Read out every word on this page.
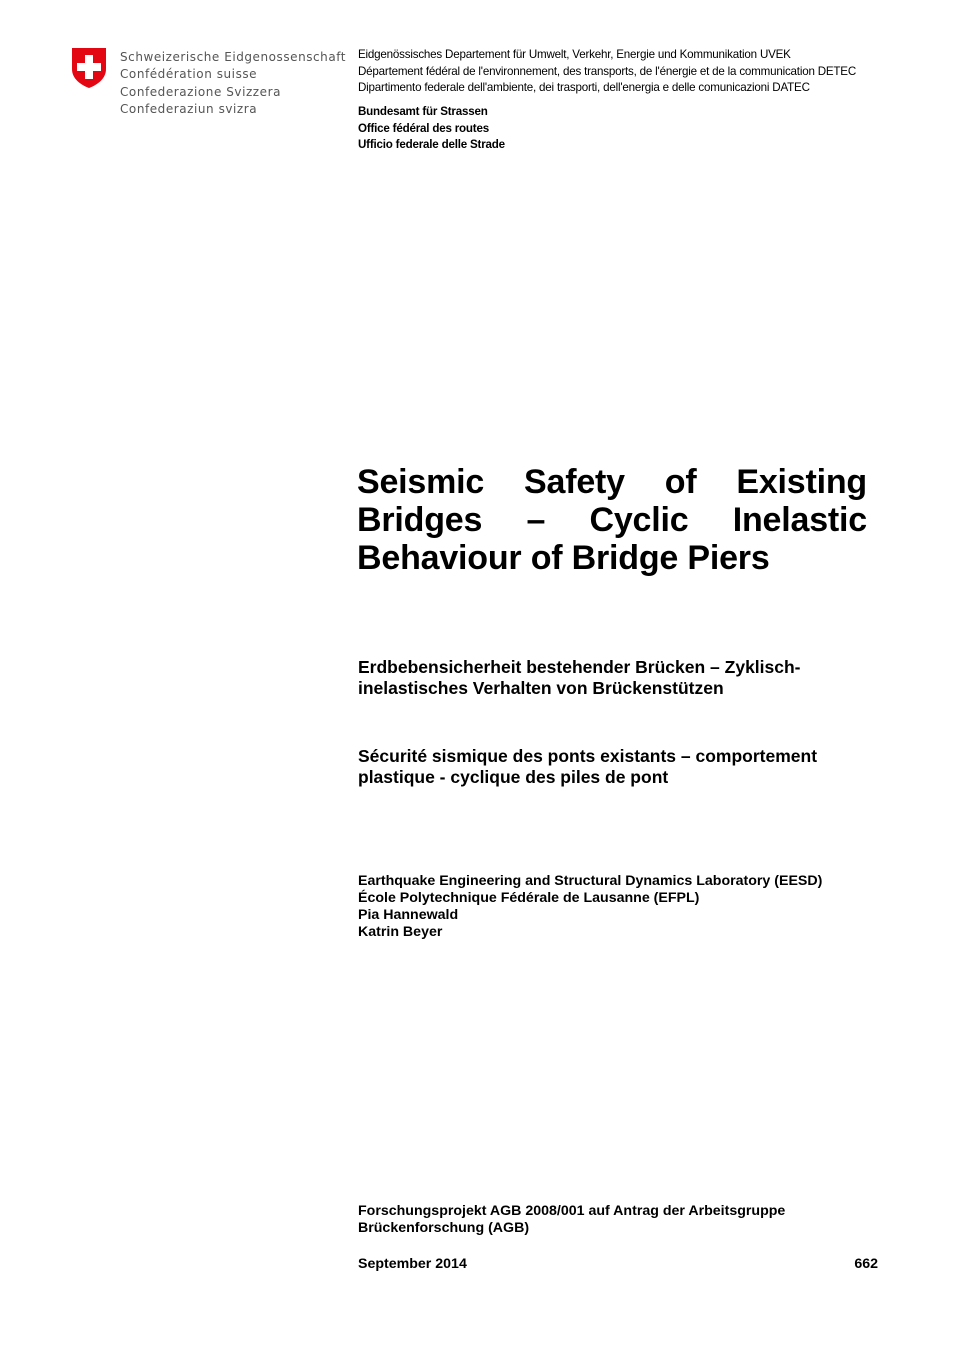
Schweizerische Eidgenossenschaft
Confédération suisse
Confederazione Svizzera
Confederaziun svizra
Eidgenössisches Departement für Umwelt, Verkehr, Energie und Kommunikation UVEK
Département fédéral de l'environnement, des transports, de l'énergie et de la communication DETEC
Dipartimento federale dell'ambiente, dei trasporti, dell'energia e delle comunicazioni DATEC
Bundesamt für Strassen
Office fédéral des routes
Ufficio federale delle Strade
Seismic Safety of Existing Bridges – Cyclic Inelastic Behaviour of Bridge Piers
Erdbebensicherheit bestehender Brücken – Zyklisch-inelastisches Verhalten von Brückenstützen
Sécurité sismique des ponts existants – comportement plastique - cyclique des piles de pont
Earthquake Engineering and Structural Dynamics Laboratory (EESD)
École Polytechnique Fédérale de Lausanne (EFPL)
Pia Hannewald
Katrin Beyer
Forschungsprojekt AGB 2008/001 auf Antrag der Arbeitsgruppe Brückenforschung (AGB)
September 2014	662
